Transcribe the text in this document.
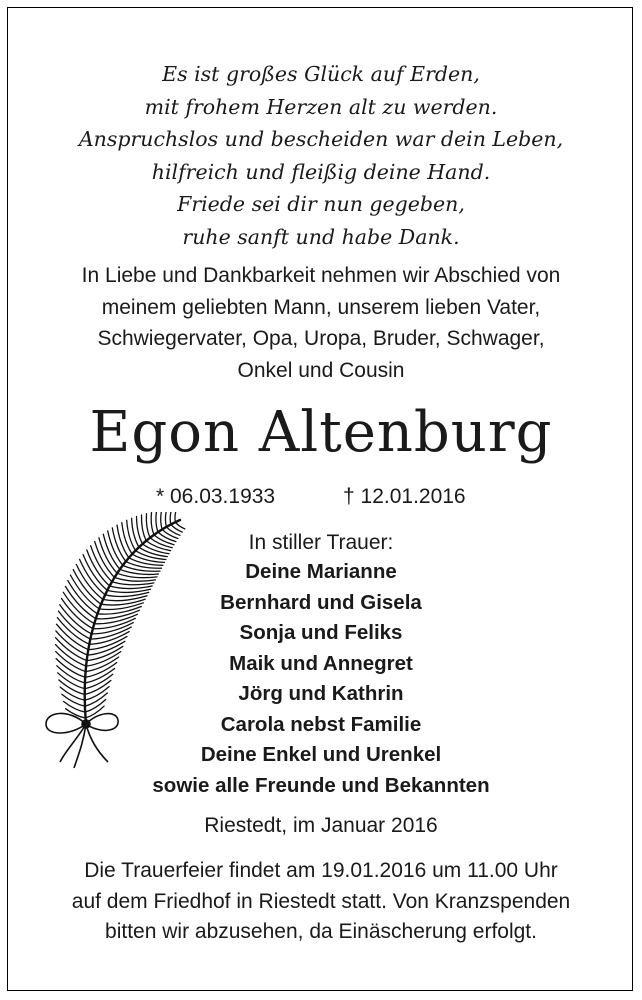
Es ist großes Glück auf Erden,
mit frohem Herzen alt zu werden.
Anspruchslos und bescheiden war dein Leben,
hilfreich und fleißig deine Hand.
Friede sei dir nun gegeben,
ruhe sanft und habe Dank.
In Liebe und Dankbarkeit nehmen wir Abschied von
meinem geliebten Mann, unserem lieben Vater,
Schwiegervater, Opa, Uropa, Bruder, Schwager,
Onkel und Cousin
Egon Altenburg
* 06.03.1933	† 12.01.2016
In stiller Trauer:
Deine Marianne
Bernhard und Gisela
Sonja und Feliks
Maik und Annegret
Jörg und Kathrin
Carola nebst Familie
Deine Enkel und Urenkel
sowie alle Freunde und Bekannten
Riestedt, im Januar 2016
Die Trauerfeier findet am 19.01.2016 um 11.00 Uhr
auf dem Friedhof in Riestedt statt. Von Kranzspenden
bitten wir abzusehen, da Einäscherung erfolgt.
